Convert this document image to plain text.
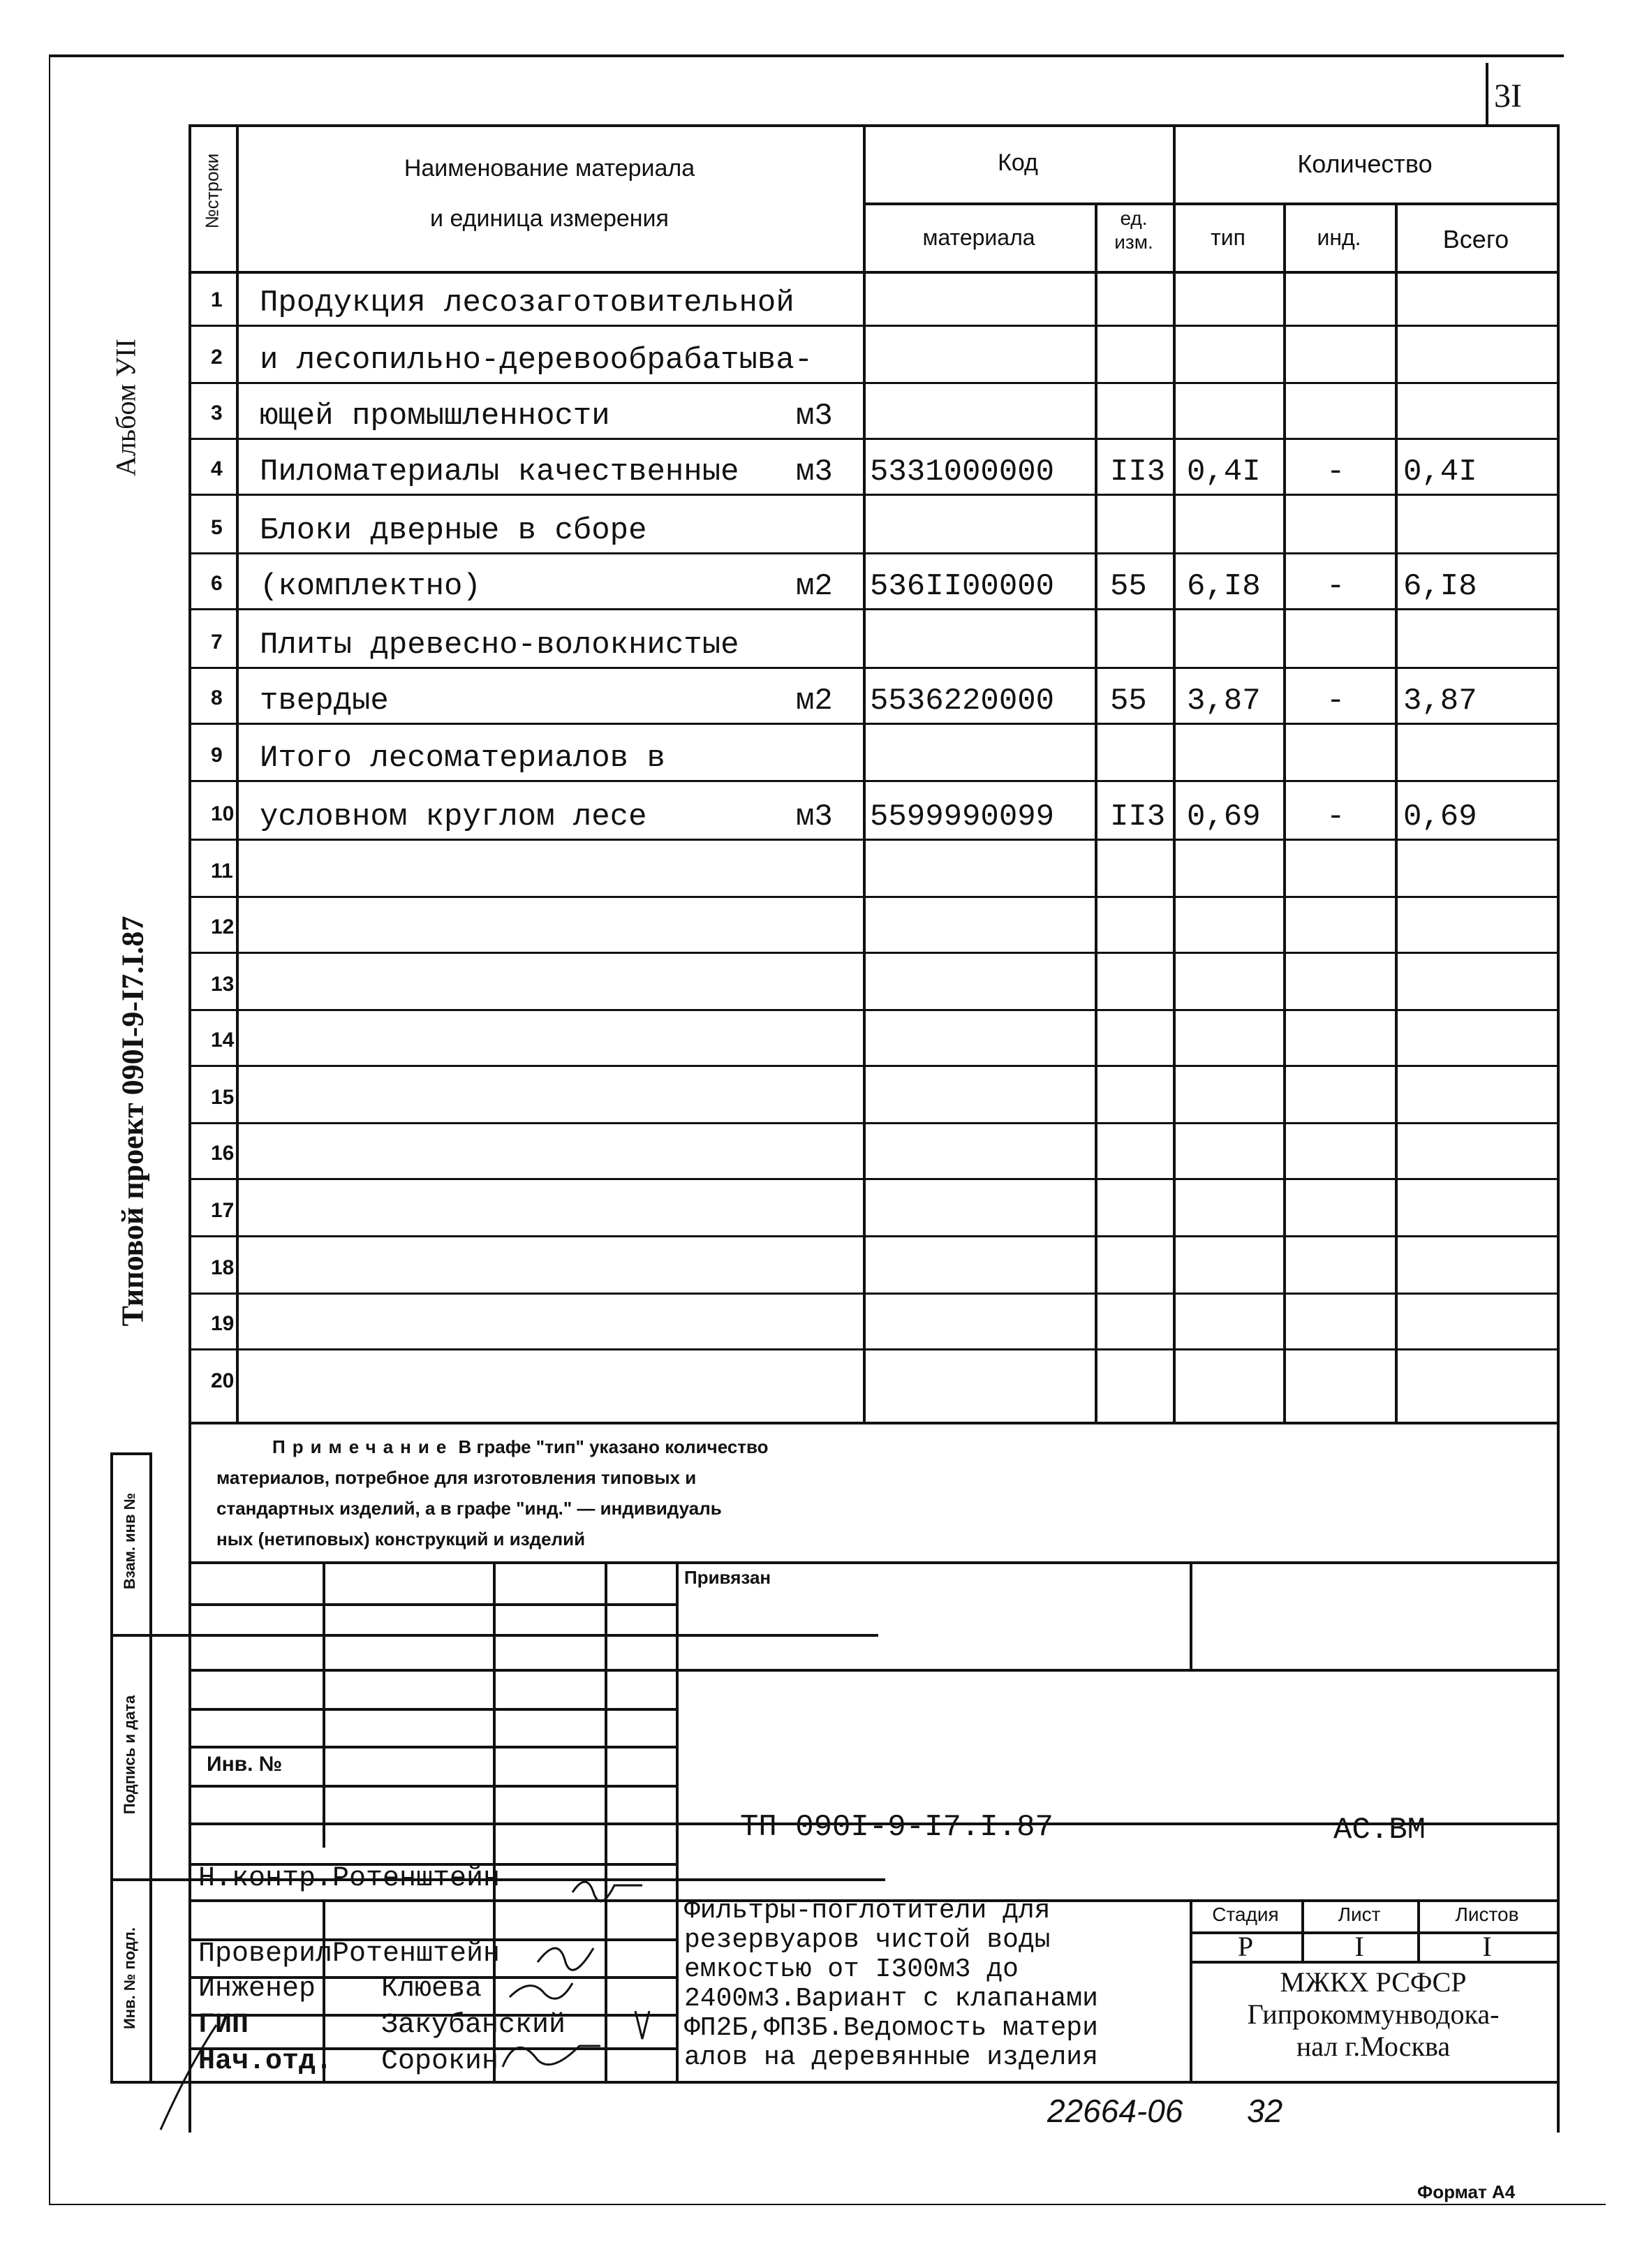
3I
№строки	Наименование материала
и единица измерения
Код	Количество
материала
ед. изм.	тип	инд.	Всего
1 Продукция лесозаготовительной
2 и лесопильно-деревообрабатыва-
3 ющей промышленности	м3
4 Пиломатериалы качественные м3 5331000000 II3 0,4I - 0,4I
5 Блоки дверные в сборе
6 (комплектно)	м2 536II00000 55 6,I8 - 6,I8
7 Плиты древесно-волокнистые
8 твердые	м2 5536220000 55 3,87 - 3,87
9 Итого лесоматериалов в
10 условном круглом лесе	м3 5599990099 II3 0,69 - 0,69
11
12
13
14
15
16
17
18
19
20
Примечание В графе "тип" указано количество
материалов, потребное для изготовления типовых и
стандартных изделий, а в графе "инд." — индивидуаль
ных (нетиповых) конструкций и изделий
Альбом УII
Типовой проект 090I-9-I7.I.87
Взам. инв №
Подпись и дата
Инв. № подл.
Привязан
Инв. №
ТП 090I-9-I7.I.87	АС.ВМ
Н.контр. Ротенштейн
Проверил Ротенштейн
Инженер Клюева
ГИП	Закубанский
Нач.отд. Сорокин
Фильтры-поглотители для
резервуаров чистой воды
емкостью от I300м3 до
2400м3.Вариант с клапанами
ФП2Б,ФП3Б.Ведомость матери
алов на деревянные изделия
Стадия	Лист	Листов
Р	I	I
МЖКХ РСФСР
Гипрокоммунводока-
нал г.Москва
22664-06 32
Формат А4
